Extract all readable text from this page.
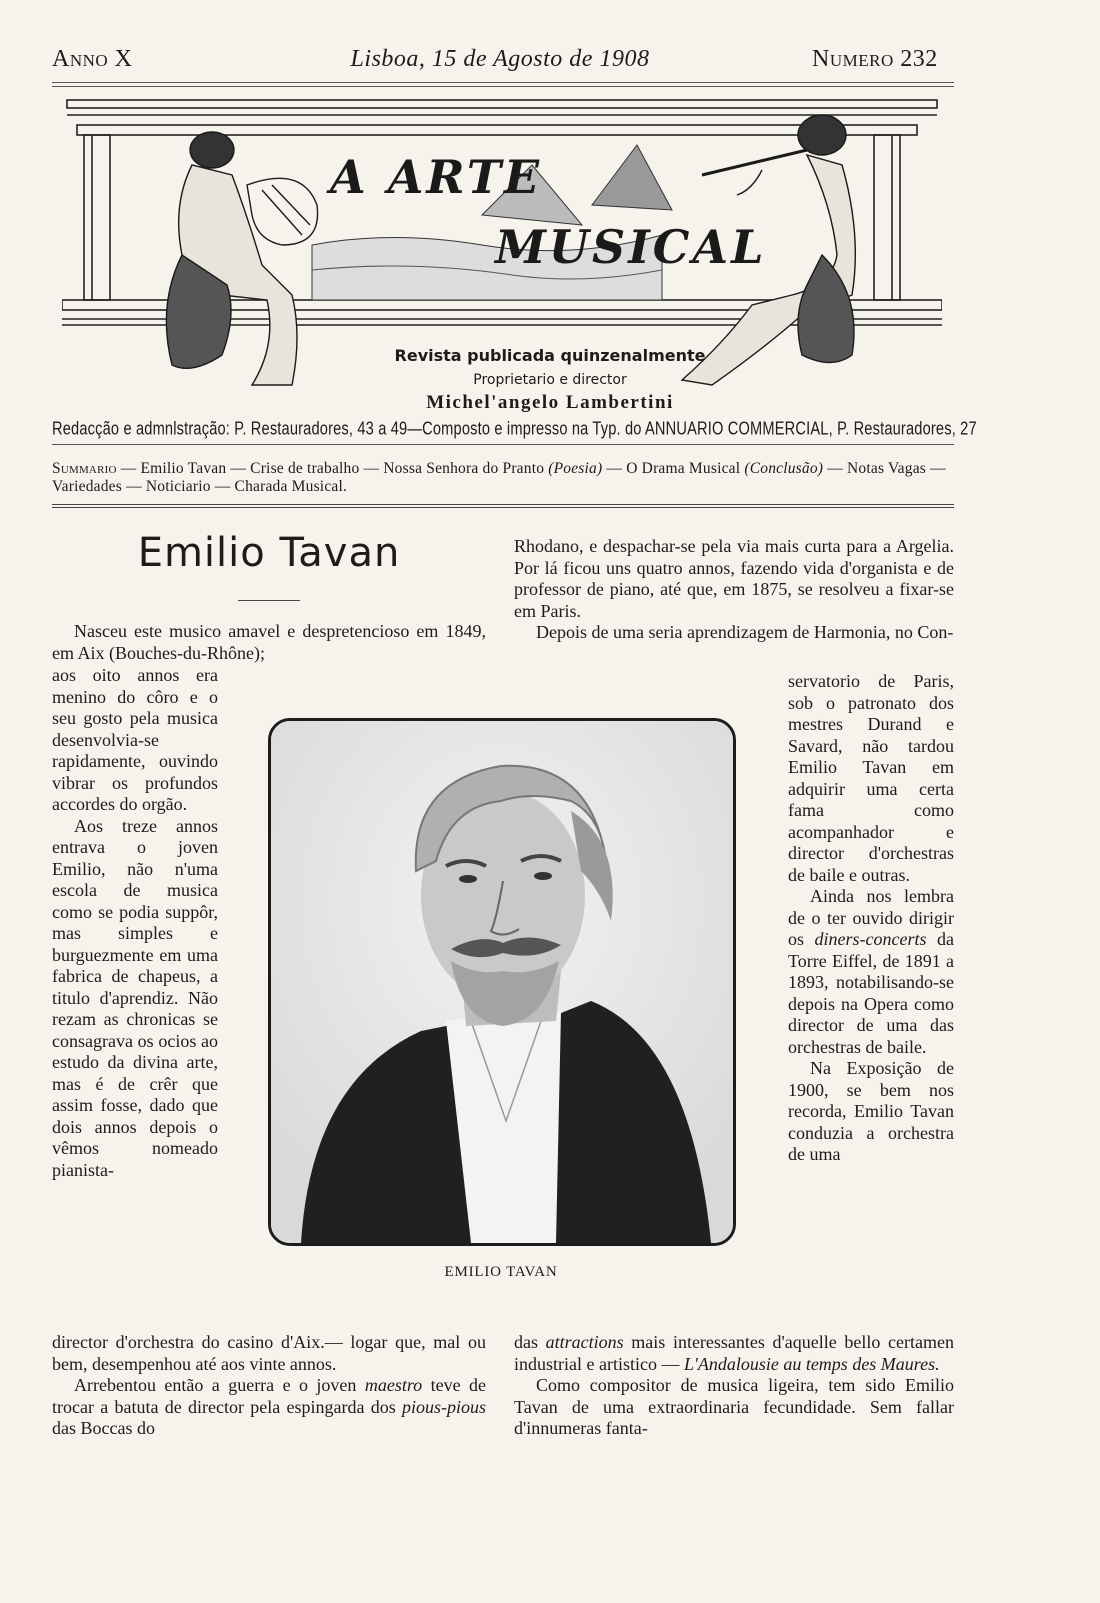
Anno X	Lisboa, 15 de Agosto de 1908	Numero 232
A ARTE
MUSICAL
Revista publicada quinzenalmente
Proprietario e director
Michel'angelo Lambertini
Redacção e admnlstração: P. Restauradores, 43 a 49—Composto e impresso na Typ. do ANNUARIO COMMERCIAL, P. Restauradores, 27
Summario — Emilio Tavan — Crise de trabalho — Nossa Senhora do Pranto (Poesia) — O Drama Musical (Conclusão) — Notas Vagas — Variedades — Noticiario — Charada Musical.
Emilio Tavan

Nasceu este musico amavel e despretencioso em 1849, em Aix (Bouches-du-Rhône);

aos oito annos era menino do côro e o seu gosto pela musica desenvolvia-se rapidamente, ouvindo vibrar os profundos accordes do orgão.

Aos treze annos entrava o joven Emilio, não n'uma escola de musica como se podia suppôr, mas simples e burguezmente em uma fabrica de chapeus, a titulo d'aprendiz. Não rezam as chronicas se consagrava os ocios ao estudo da divina arte, mas é de crêr que assim fosse, dado que dois annos depois o vêmos nomeado pianista-

director d'orchestra do casino d'Aix.— logar que, mal ou bem, desempenhou até aos vinte annos.

Arrebentou então a guerra e o joven maestro teve de trocar a batuta de director pela espingarda dos pious-pious das Boccas do

Rhodano, e despachar-se pela via mais curta para a Argelia. Por lá ficou uns quatro annos, fazendo vida d'organista e de professor de piano, até que, em 1875, se resolveu a fixar-se em Paris.

Depois de uma seria aprendizagem de Harmonia, no Con-

servatorio de Paris, sob o patronato dos mestres Durand e Savard, não tardou Emilio Tavan em adquirir uma certa fama como acompanhador e director d'orchestras de baile e outras.

Ainda nos lembra de o ter ouvido dirigir os diners-concerts da Torre Eiffel, de 1891 a 1893, notabilisando-se depois na Opera como director de uma das orchestras de baile.

Na Exposição de 1900, se bem nos recorda, Emilio Tavan conduzia a orchestra de uma

das attractions mais interessantes d'aquelle bello certamen industrial e artistico — L'Andalousie au temps des Maures.

Como compositor de musica ligeira, tem sido Emilio Tavan de uma extraordinaria fecundidade. Sem fallar d'innumeras fanta-

EMILIO TAVAN
